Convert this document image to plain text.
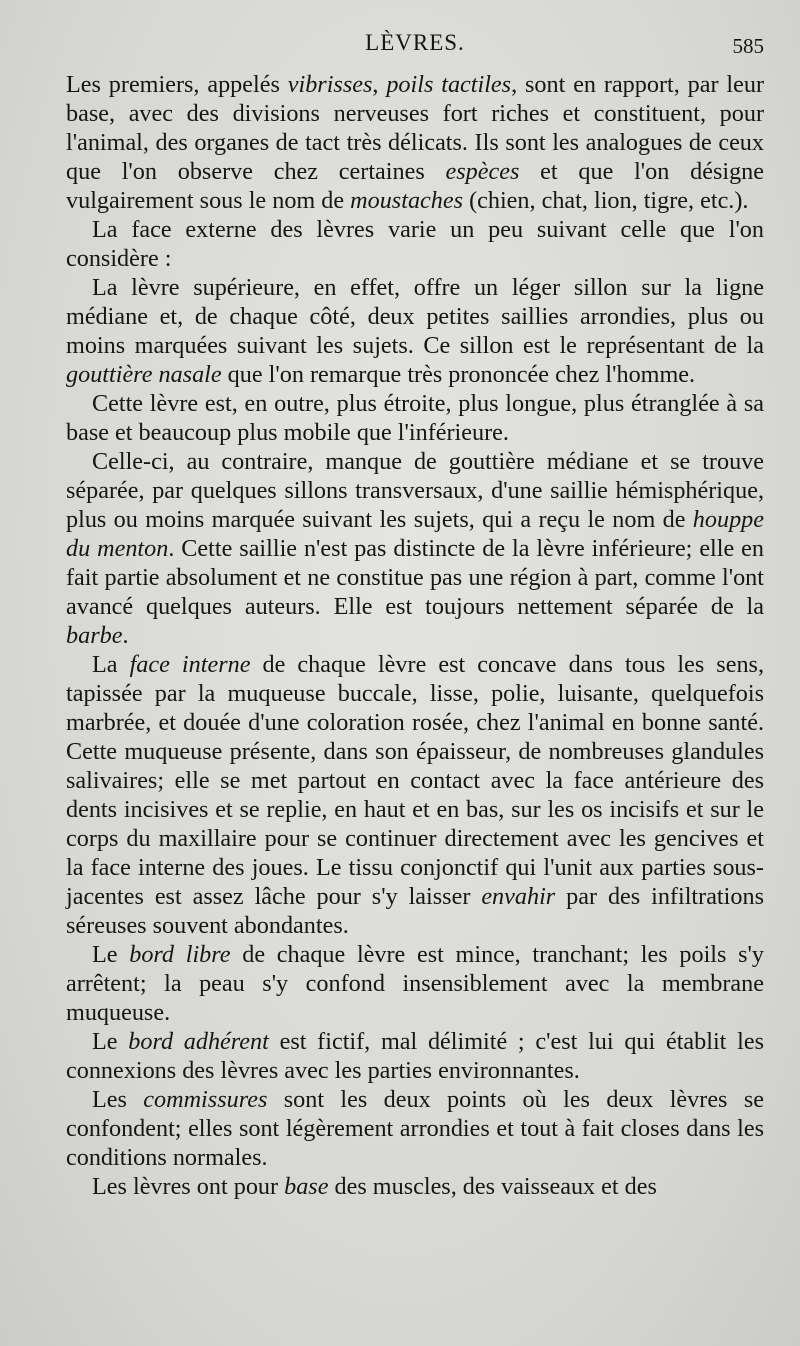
LÈVRES.	585

Les premiers, appelés vibrisses, poils tactiles, sont en rapport, par leur base, avec des divisions nerveuses fort riches et constituent, pour l'animal, des organes de tact très délicats. Ils sont les analogues de ceux que l'on observe chez certaines espèces et que l'on désigne vulgairement sous le nom de moustaches (chien, chat, lion, tigre, etc.).

La face externe des lèvres varie un peu suivant celle que l'on considère :

La lèvre supérieure, en effet, offre un léger sillon sur la ligne médiane et, de chaque côté, deux petites saillies arrondies, plus ou moins marquées suivant les sujets. Ce sillon est le représentant de la gouttière nasale que l'on remarque très prononcée chez l'homme.

Cette lèvre est, en outre, plus étroite, plus longue, plus étranglée à sa base et beaucoup plus mobile que l'inférieure.

Celle-ci, au contraire, manque de gouttière médiane et se trouve séparée, par quelques sillons transversaux, d'une saillie hémisphérique, plus ou moins marquée suivant les sujets, qui a reçu le nom de houppe du menton. Cette saillie n'est pas distincte de la lèvre inférieure; elle en fait partie absolument et ne constitue pas une région à part, comme l'ont avancé quelques auteurs. Elle est toujours nettement séparée de la barbe.

La face interne de chaque lèvre est concave dans tous les sens, tapissée par la muqueuse buccale, lisse, polie, luisante, quelquefois marbrée, et douée d'une coloration rosée, chez l'animal en bonne santé. Cette muqueuse présente, dans son épaisseur, de nombreuses glandules salivaires; elle se met partout en contact avec la face antérieure des dents incisives et se replie, en haut et en bas, sur les os incisifs et sur le corps du maxillaire pour se continuer directement avec les gencives et la face interne des joues. Le tissu conjonctif qui l'unit aux parties sous-jacentes est assez lâche pour s'y laisser envahir par des infiltrations séreuses souvent abondantes.

Le bord libre de chaque lèvre est mince, tranchant; les poils s'y arrêtent; la peau s'y confond insensiblement avec la membrane muqueuse.

Le bord adhérent est fictif, mal délimité ; c'est lui qui établit les connexions des lèvres avec les parties environnantes.

Les commissures sont les deux points où les deux lèvres se confondent; elles sont légèrement arrondies et tout à fait closes dans les conditions normales.

Les lèvres ont pour base des muscles, des vaisseaux et des
